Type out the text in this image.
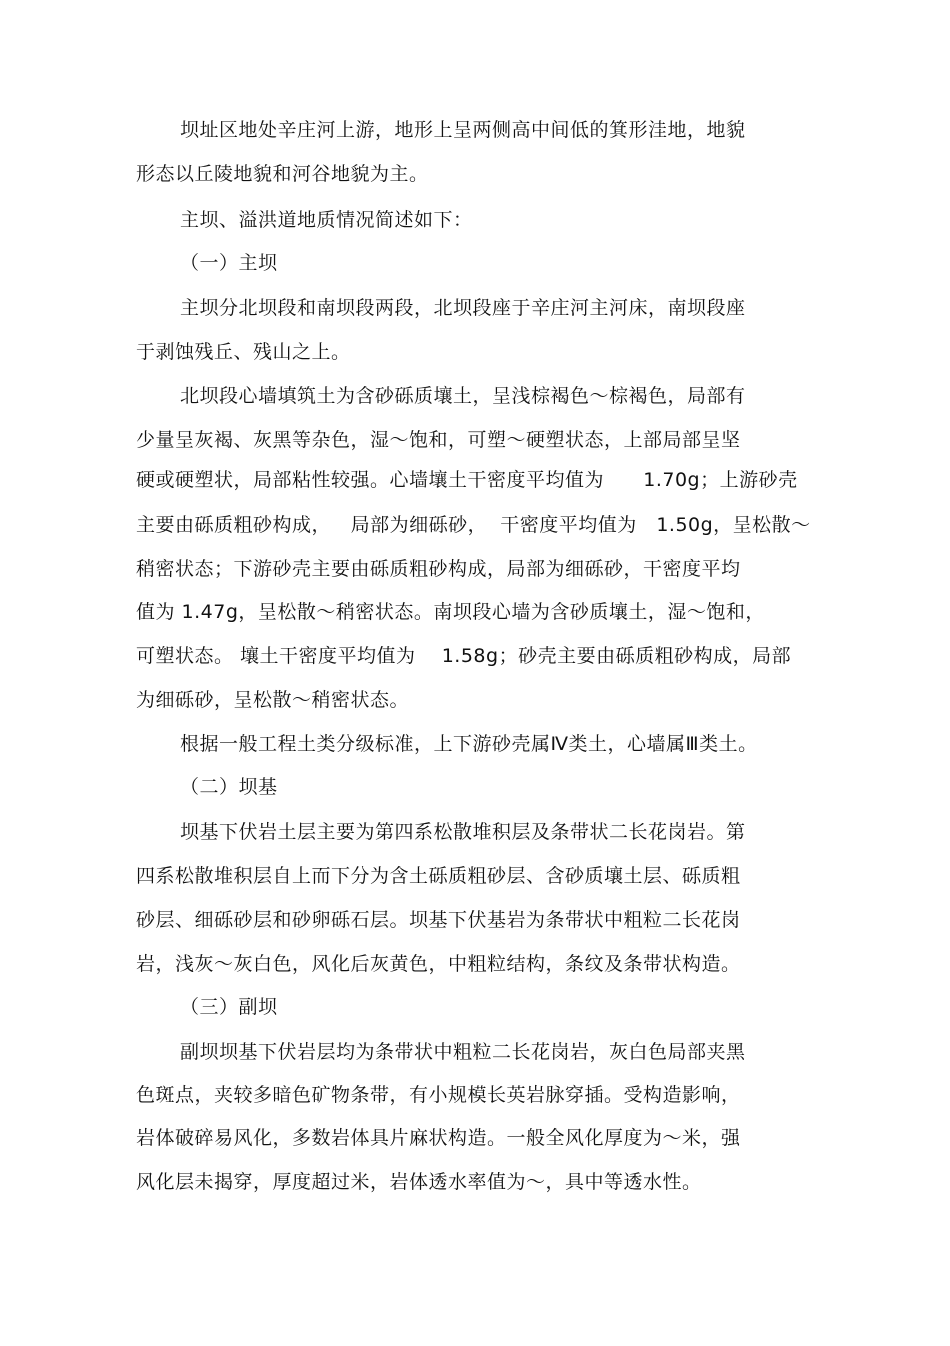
坝址区地处辛庄河上游，地形上呈两侧高中间低的箕形洼地，地貌
形态以丘陵地貌和河谷地貌为主。
主坝、溢洪道地质情况简述如下：
（一）主坝
主坝分北坝段和南坝段两段，北坝段座于辛庄河主河床，南坝段座
于剥蚀残丘、残山之上。
北坝段心墙填筑土为含砂砾质壤土，呈浅棕褐色～棕褐色，局部有
少量呈灰褐、灰黑等杂色，湿～饱和，可塑～硬塑状态，上部局部呈坚
硬或硬塑状，局部粘性较强。心墙壤土干密度平均值为      1.70g；上游砂壳
主要由砾质粗砂构成，   局部为细砾砂，  干密度平均值为   1.50g，呈松散～
稍密状态；下游砂壳主要由砾质粗砂构成，局部为细砾砂，干密度平均
值为 1.47g，呈松散～稍密状态。南坝段心墙为含砂质壤土，湿～饱和，
可塑状态。 壤土干密度平均值为    1.58g；砂壳主要由砾质粗砂构成，局部
为细砾砂，呈松散～稍密状态。
根据一般工程土类分级标准，上下游砂壳属Ⅳ类土，心墙属Ⅲ类土。
（二）坝基
坝基下伏岩土层主要为第四系松散堆积层及条带状二长花岗岩。第
四系松散堆积层自上而下分为含土砾质粗砂层、含砂质壤土层、砾质粗
砂层、细砾砂层和砂卵砾石层。坝基下伏基岩为条带状中粗粒二长花岗
岩，浅灰～灰白色，风化后灰黄色，中粗粒结构，条纹及条带状构造。
（三）副坝
副坝坝基下伏岩层均为条带状中粗粒二长花岗岩，灰白色局部夹黑
色斑点，夹较多暗色矿物条带，有小规模长英岩脉穿插。受构造影响，
岩体破碎易风化，多数岩体具片麻状构造。一般全风化厚度为～米，强
风化层未揭穿，厚度超过米，岩体透水率值为～，具中等透水性。
